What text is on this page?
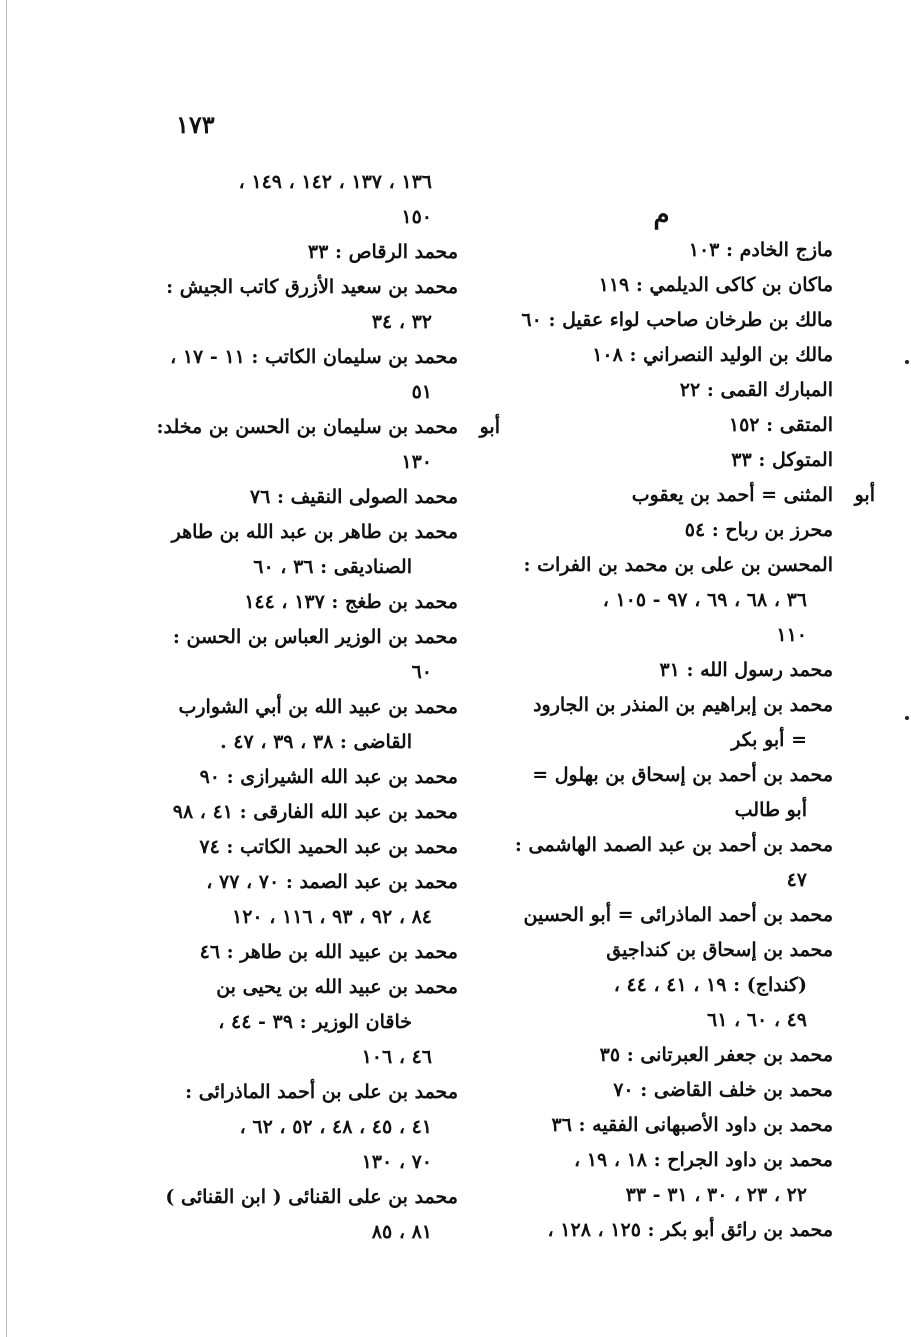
١٧٣
م
مازج الخادم : ١٠٣
ماكان بن كاكى الديلمي : ١١٩
مالك بن طرخان صاحب لواء عقيل : ٦٠
مالك بن الوليد النصراني : ١٠٨
المبارك القمى : ٢٢
المتقى : ١٥٢
المتوكل : ٣٣
المثنى = أحمد بن يعقوب أبو
محرز بن رباح : ٥٤
المحسن بن على بن محمد بن الفرات :
٣٦ ، ٦٨ ، ٦٩ ، ٩٧ - ١٠٥ ،
١١٠
محمد رسول الله : ٣١
محمد بن إبراهيم بن المنذر بن الجارود
= أبو بكر
محمد بن أحمد بن إسحاق بن بهلول =
أبو طالب
محمد بن أحمد بن عبد الصمد الهاشمى :
٤٧
محمد بن أحمد الماذرائى = أبو الحسين
محمد بن إسحاق بن كنداجيق
(كنداج) : ١٩ ، ٤١ ، ٤٤ ،
٤٩ ، ٦٠ ، ٦١
محمد بن جعفر العبرتانى : ٣٥
محمد بن خلف القاضى : ٧٠
محمد بن داود الأصبهانى الفقيه : ٣٦
محمد بن داود الجراح : ١٨ ، ١٩ ،
٢٢ ، ٢٣ ، ٣٠ ، ٣١ - ٣٣
محمد بن رائق أبو بكر : ١٢٥ ، ١٢٨ ،
١٣٦ ، ١٣٧ ، ١٤٢ ، ١٤٩ ،
١٥٠
محمد الرقاص : ٣٣
محمد بن سعيد الأزرق كاتب الجيش :
٣٢ ، ٣٤
محمد بن سليمان الكاتب : ١١ - ١٧ ،
٥١
محمد بن سليمان بن الحسن بن مخلد: أبو
١٣٠
محمد الصولى النقيف : ٧٦
محمد بن طاهر بن عبد الله بن طاهر
الصناديقى : ٣٦ ، ٦٠
محمد بن طغج : ١٣٧ ، ١٤٤
محمد بن الوزير العباس بن الحسن :
٦٠
محمد بن عبيد الله بن أبي الشوارب
القاضى : ٣٨ ، ٣٩ ، ٤٧ .
محمد بن عبد الله الشيرازى : ٩٠
محمد بن عبد الله الفارقى : ٤١ ، ٩٨
محمد بن عبد الحميد الكاتب : ٧٤
محمد بن عبد الصمد : ٧٠ ، ٧٧ ،
٨٤ ، ٩٢ ، ٩٣ ، ١١٦ ، ١٢٠
محمد بن عبيد الله بن طاهر : ٤٦
محمد بن عبيد الله بن يحيى بن
خاقان الوزير : ٣٩ - ٤٤ ،
٤٦ ، ١٠٦
محمد بن على بن أحمد الماذرائى :
٤١ ، ٤٥ ، ٤٨ ، ٥٢ ، ٦٢ ،
٧٠ ، ١٣٠
محمد بن على القنائى ( ابن القنائى )
٨١ ، ٨٥
